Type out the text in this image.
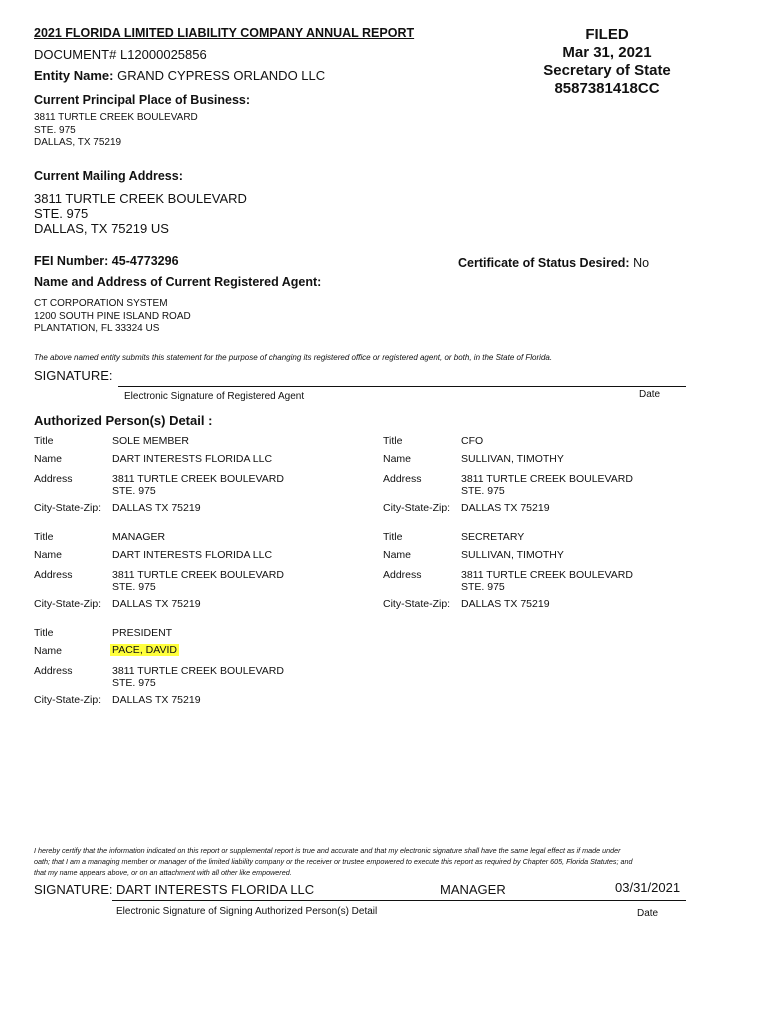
2021 FLORIDA LIMITED LIABILITY COMPANY ANNUAL REPORT
DOCUMENT# L12000025856
Entity Name: GRAND CYPRESS ORLANDO LLC
FILED
Mar 31, 2021
Secretary of State
8587381418CC
Current Principal Place of Business:
3811 TURTLE CREEK BOULEVARD
STE. 975
DALLAS, TX 75219
Current Mailing Address:
3811 TURTLE CREEK BOULEVARD
STE. 975
DALLAS, TX 75219 US
FEI Number: 45-4773296	Certificate of Status Desired: No
Name and Address of Current Registered Agent:
CT CORPORATION SYSTEM
1200 SOUTH PINE ISLAND ROAD
PLANTATION, FL 33324 US
The above named entity submits this statement for the purpose of changing its registered office or registered agent, or both, in the State of Florida.
SIGNATURE:
Electronic Signature of Registered Agent	Date
Authorized Person(s) Detail :
Title	SOLE MEMBER
Name	DART INTERESTS FLORIDA LLC
Address	3811 TURTLE CREEK BOULEVARD
STE. 975
City-State-Zip: DALLAS TX 75219
Title	CFO
Name	SULLIVAN, TIMOTHY
Address	3811 TURTLE CREEK BOULEVARD
STE. 975
City-State-Zip: DALLAS TX 75219
Title	MANAGER
Name	DART INTERESTS FLORIDA LLC
Address	3811 TURTLE CREEK BOULEVARD
STE. 975
City-State-Zip: DALLAS TX 75219
Title	SECRETARY
Name	SULLIVAN, TIMOTHY
Address	3811 TURTLE CREEK BOULEVARD
STE. 975
City-State-Zip: DALLAS TX 75219
Title	PRESIDENT
Name	PACE, DAVID
Address	3811 TURTLE CREEK BOULEVARD
STE. 975
City-State-Zip: DALLAS TX 75219
I hereby certify that the information indicated on this report or supplemental report is true and accurate and that my electronic signature shall have the same legal effect as if made under
oath; that I am a managing member or manager of the limited liability company or the receiver or trustee empowered to execute this report as required by Chapter 605, Florida Statutes; and
that my name appears above, or on an attachment with all other like empowered.
SIGNATURE: DART INTERESTS FLORIDA LLC	MANAGER	03/31/2021
Electronic Signature of Signing Authorized Person(s) Detail	Date
